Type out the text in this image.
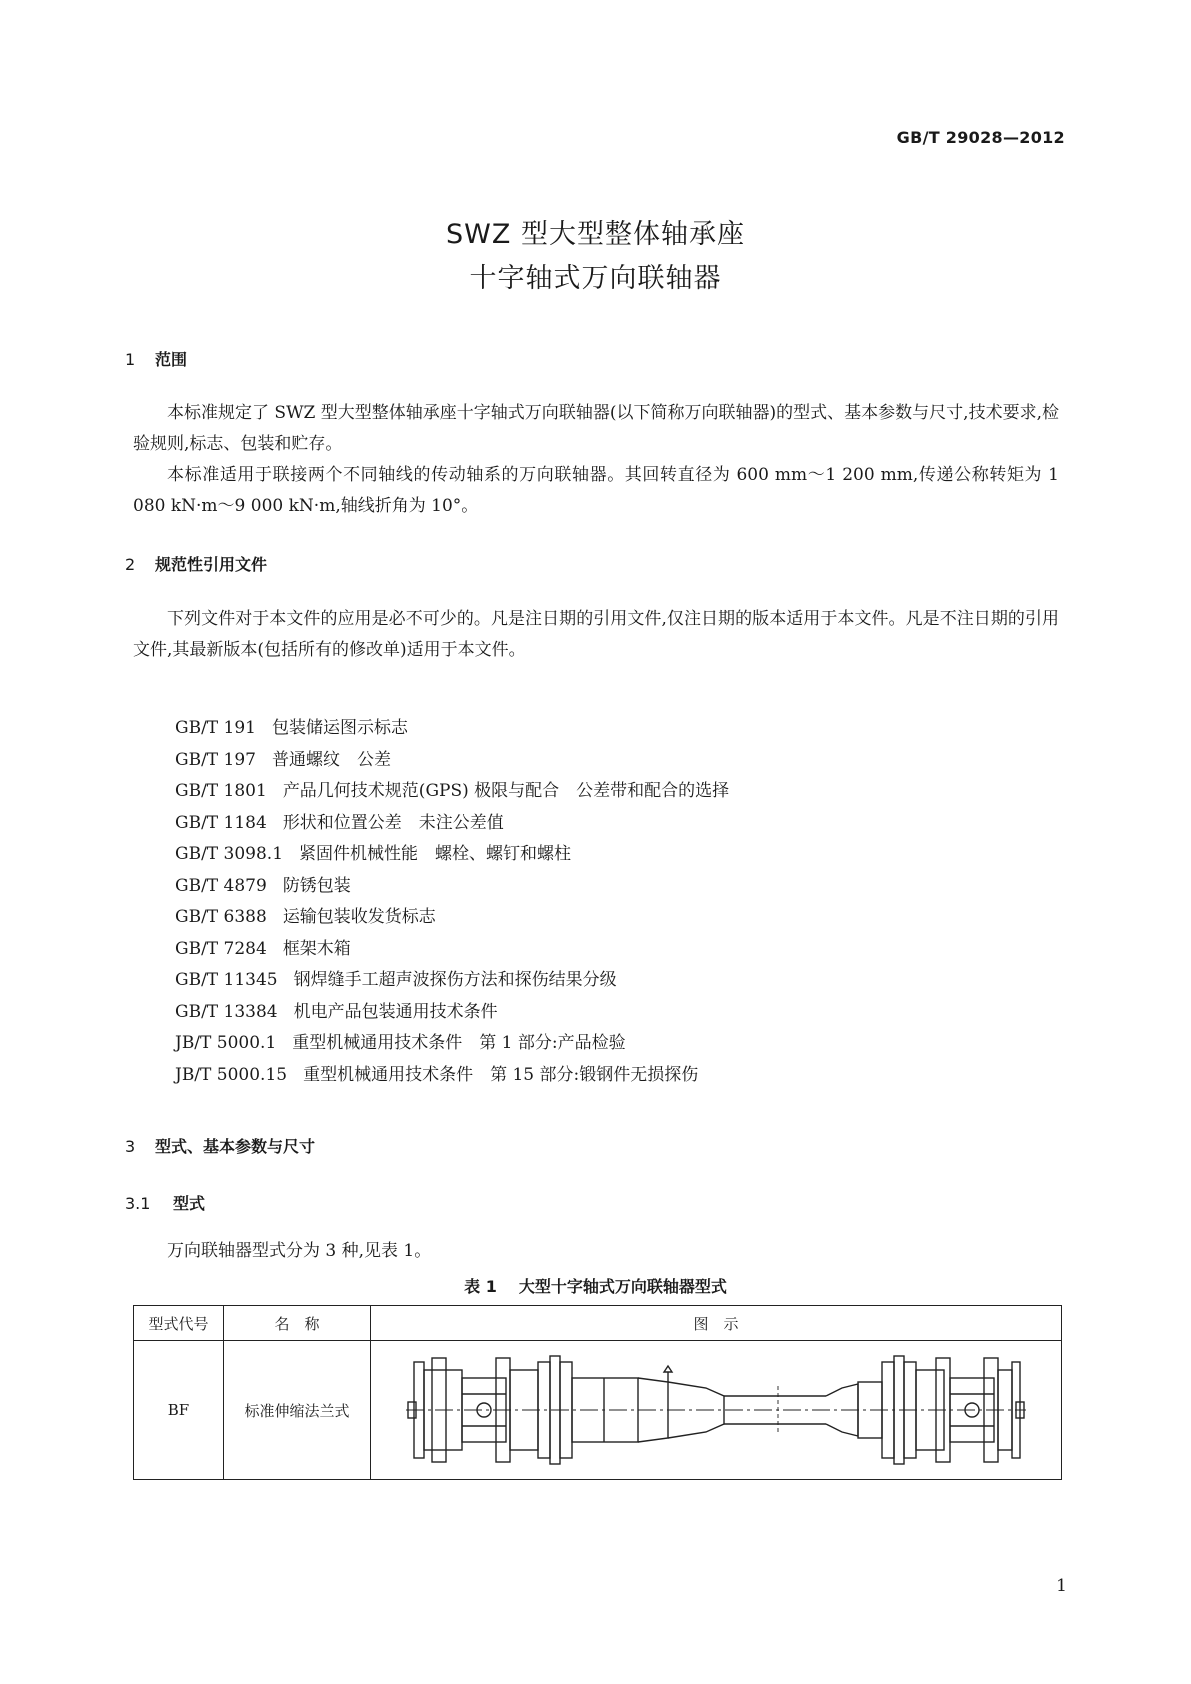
GB/T 29028—2012
SWZ 型大型整体轴承座
十字轴式万向联轴器
1 范围

本标准规定了 SWZ 型大型整体轴承座十字轴式万向联轴器(以下简称万向联轴器)的型式、基本参数与尺寸,技术要求,检验规则,标志、包装和贮存。

本标准适用于联接两个不同轴线的传动轴系的万向联轴器。其回转直径为 600 mm～1 200 mm,传递公称转矩为 1 080 kN·m～9 000 kN·m,轴线折角为 10°。

2 规范性引用文件

下列文件对于本文件的应用是必不可少的。凡是注日期的引用文件,仅注日期的版本适用于本文件。凡是不注日期的引用文件,其最新版本(包括所有的修改单)适用于本文件。

GB/T 191 包装储运图示标志
GB/T 197 普通螺纹　公差
GB/T 1801 产品几何技术规范(GPS) 极限与配合　公差带和配合的选择
GB/T 1184 形状和位置公差　未注公差值
GB/T 3098.1 紧固件机械性能　螺栓、螺钉和螺柱
GB/T 4879 防锈包装
GB/T 6388 运输包装收发货标志
GB/T 7284 框架木箱
GB/T 11345 钢焊缝手工超声波探伤方法和探伤结果分级
GB/T 13384 机电产品包装通用技术条件
JB/T 5000.1 重型机械通用技术条件　第 1 部分:产品检验
JB/T 5000.15 重型机械通用技术条件　第 15 部分:锻钢件无损探伤
3 型式、基本参数与尺寸
3.1 型式

万向联轴器型式分为 3 种,见表 1。

表 1 大型十字轴式万向联轴器型式
型式代号	名　称	图　示
BF	标准伸缩法兰式	
1
